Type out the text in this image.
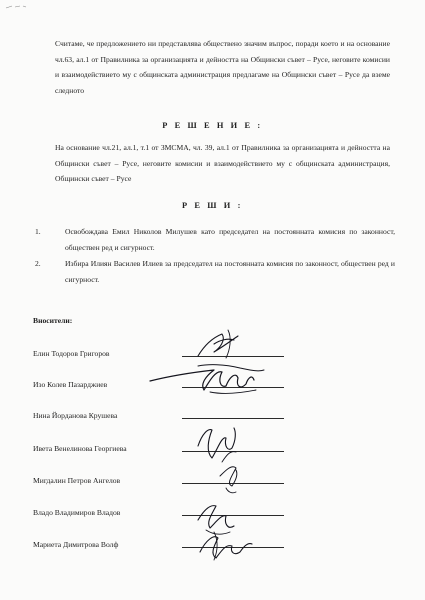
Считаме, че предложението ни представлява обществено значим въпрос, поради което и на основание чл.63, ал.1 от Правилника за организацията и дейността на Общински съвет – Русе, неговите комисии и взаимодействието му с общинската администрация предлагаме на Общински съвет – Русе да вземе следното

Р Е Ш Е Н И Е :

На основание чл.21, ал.1, т.1 от ЗМСМА, чл. 39, ал.1 от Правилника за организацията и дейността на Общински съвет – Русе, неговите комисии и взаимодействието му с общинската администрация, Общински съвет – Русе

Р Е Ш И :

1.	Освобождава Емил Николов Милушев като председател на постоянната комисия по законност, обществен ред и сигурност.
2.	Избира Илиян Василев Илиев за председател на постоянната комисия по законност, обществен ред и сигурност.
Вносители:
Елин Тодоров Григоров
Изо Колев Пазарджиев
Нина Йорданова Крушева
Ивета Венелинова Георгиева
Мигдалин Петров Ангелов
Владо Владимиров Владов
Мариета Димитрова Волф
